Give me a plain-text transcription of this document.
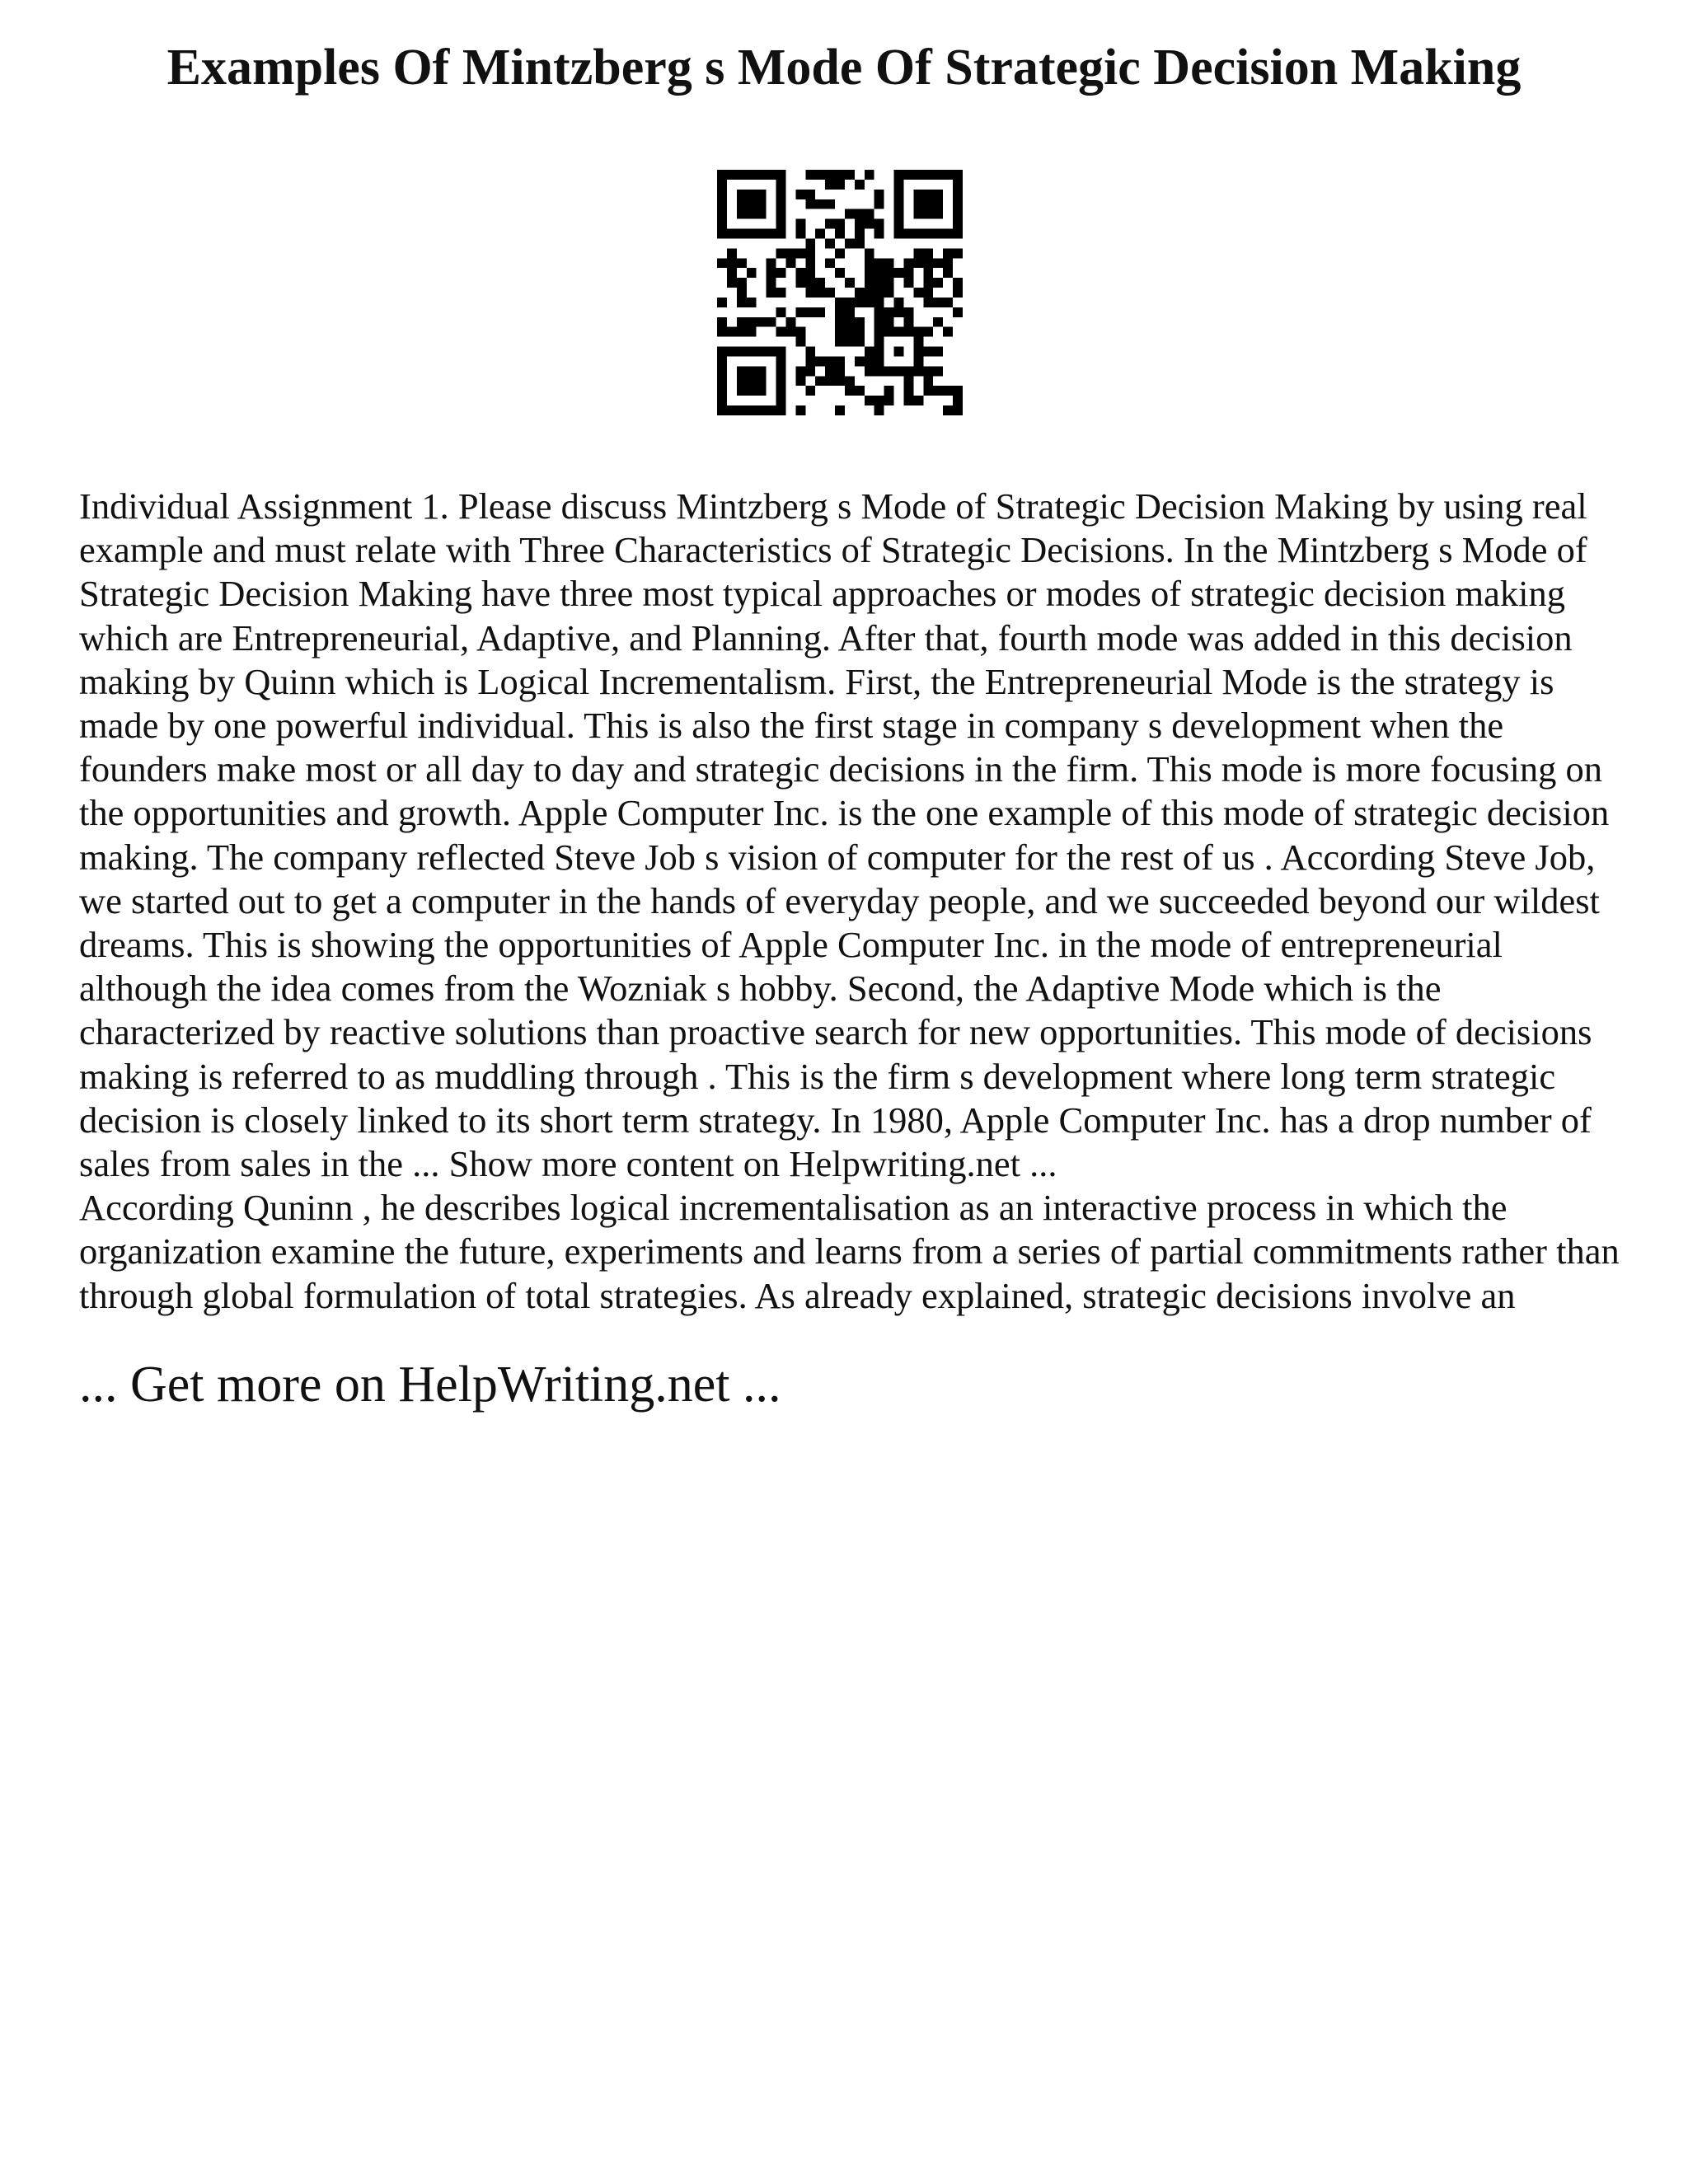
Examples Of Mintzberg s Mode Of Strategic Decision Making

Individual Assignment 1. Please discuss Mintzberg s Mode of Strategic Decision Making by using real example and must relate with Three Characteristics of Strategic Decisions. In the Mintzberg s Mode of Strategic Decision Making have three most typical approaches or modes of strategic decision making which are Entrepreneurial, Adaptive, and Planning. After that, fourth mode was added in this decision making by Quinn which is Logical Incrementalism. First, the Entrepreneurial Mode is the strategy is made by one powerful individual. This is also the first stage in company s development when the founders make most or all day to day and strategic decisions in the firm. This mode is more focusing on the opportunities and growth. Apple Computer Inc. is the one example of this mode of strategic decision making. The company reflected Steve Job s vision of computer for the rest of us . According Steve Job, we started out to get a computer in the hands of everyday people, and we succeeded beyond our wildest dreams. This is showing the opportunities of Apple Computer Inc. in the mode of entrepreneurial although the idea comes from the Wozniak s hobby. Second, the Adaptive Mode which is the characterized by reactive solutions than proactive search for new opportunities. This mode of decisions making is referred to as muddling through . This is the firm s development where long term strategic decision is closely linked to its short term strategy. In 1980, Apple Computer Inc. has a drop number of sales from sales in the ... Show more content on Helpwriting.net ...

According Quninn , he describes logical incrementalisation as an interactive process in which the organization examine the future, experiments and learns from a series of partial commitments rather than through global formulation of total strategies. As already explained, strategic decisions involve an

... Get more on HelpWriting.net ...
